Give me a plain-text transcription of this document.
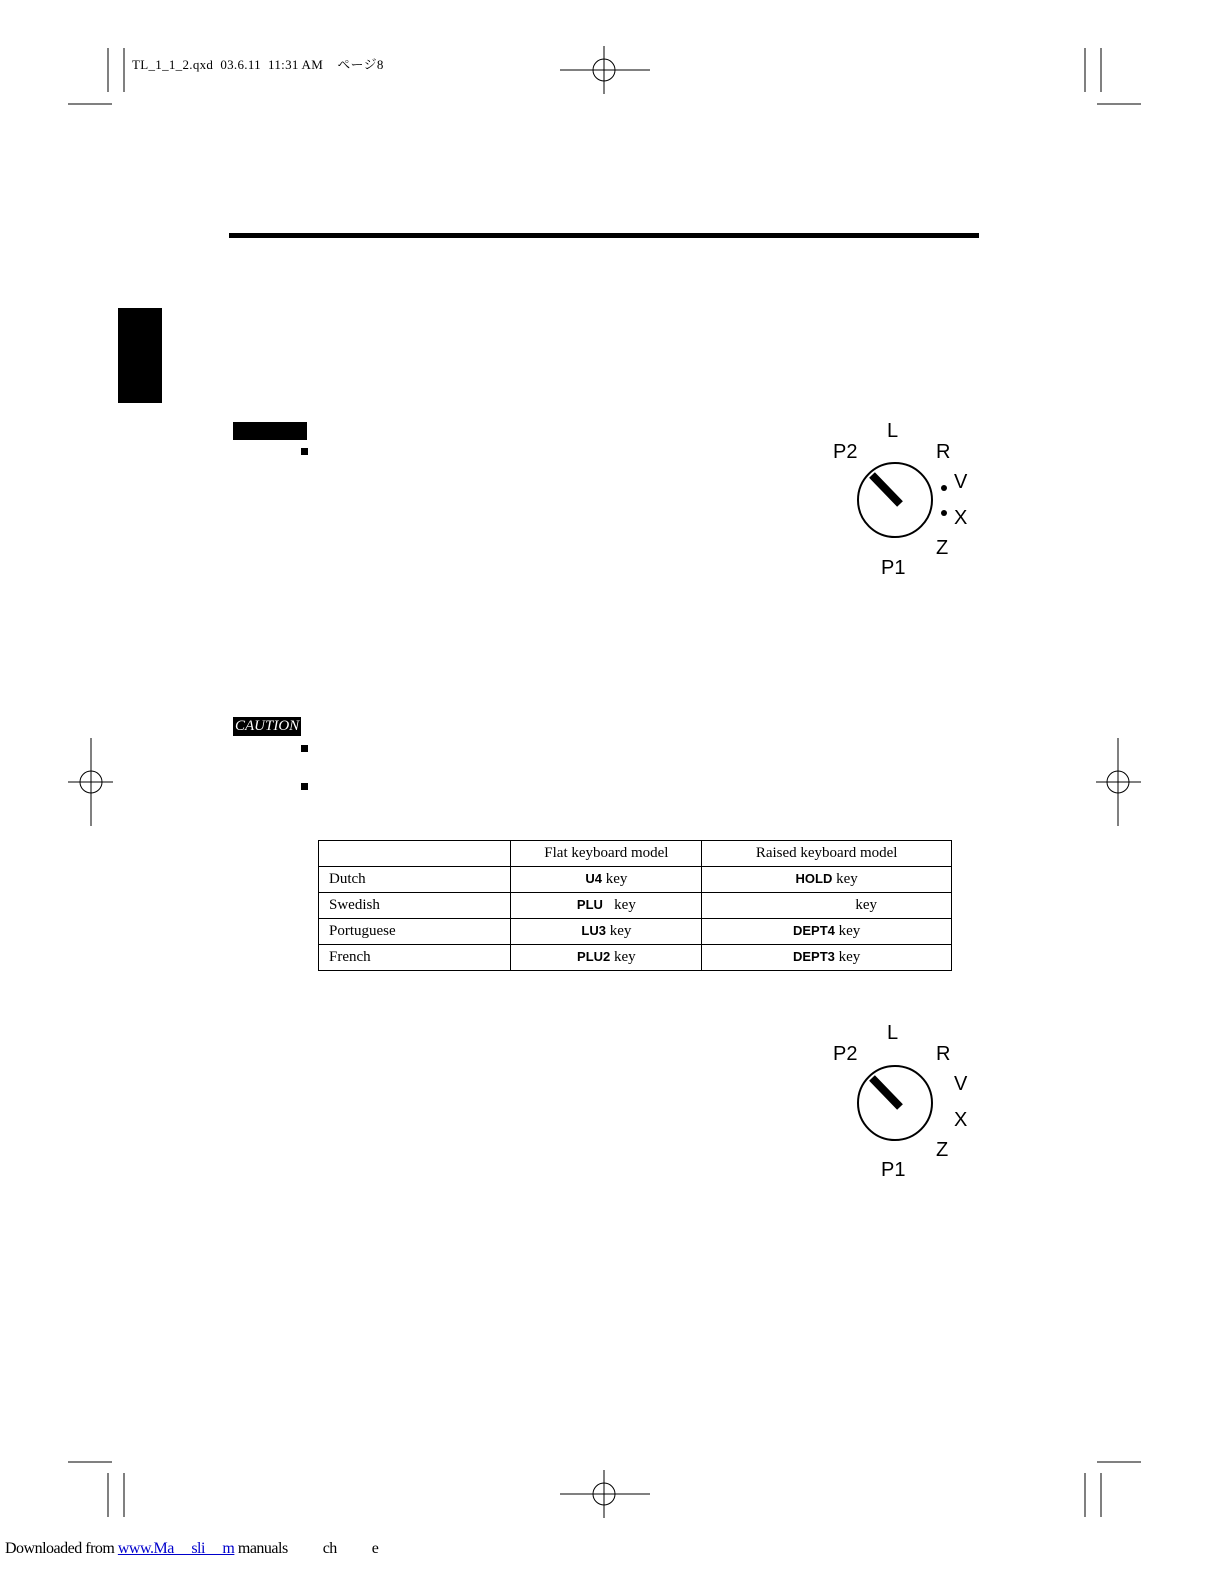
TL_1_1_2.qxd  03.6.11  11:31 AM    ページ8
L
P2	R
V
X
Z
P1
CAUTION
	Flat keyboard model	Raised keyboard model
Dutch	U4 key	HOLD key
Swedish	PLU key	key
Portuguese	LU3 key	DEPT4 key
French	PLU2 key	DEPT3 key
L
P2	R
V
X
Z
P1
Downloaded from www.Ma     sli     m manuals          ch          e
